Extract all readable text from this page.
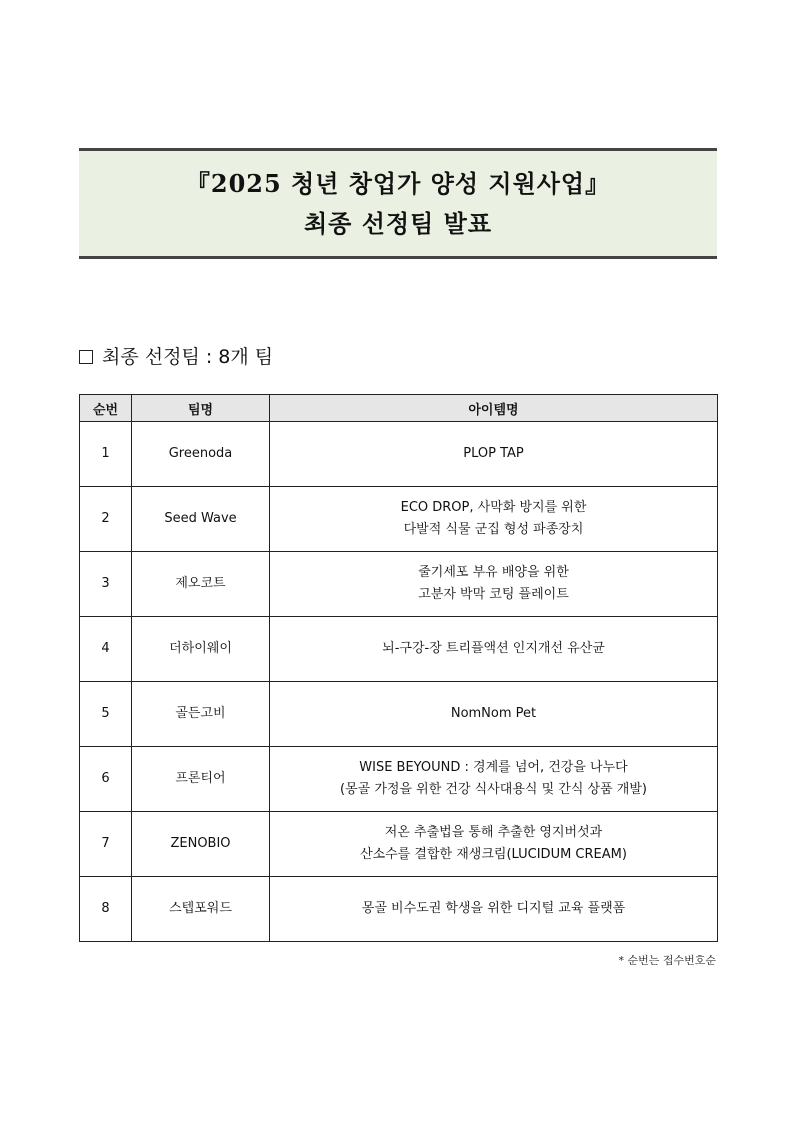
『2025 청년 창업가 양성 지원사업』
최종 선정팀 발표
최종 선정팀 : 8개 팀
순번	팀명	아이템명
1	Greenoda	PLOP TAP

2	Seed Wave	ECO DROP, 사막화 방지를 위한
다발적 식물 군집 형성 파종장치

3	제오코트	줄기세포 부유 배양을 위한
고분자 박막 코팅 플레이트

4	더하이웨이	뇌-구강-장 트리플액션 인지개선 유산균

5	골든고비	NomNom Pet

6	프론티어	WISE BEYOUND : 경계를 넘어, 건강을 나누다
(몽골 가정을 위한 건강 식사대용식 및 간식 상품 개발)

7	ZENOBIO	저온 추출법을 통해 추출한 영지버섯과
산소수를 결합한 재생크림(LUCIDUM CREAM)

8	스텝포워드	몽골 비수도권 학생을 위한 디지털 교육 플랫폼
* 순번는 접수번호순
